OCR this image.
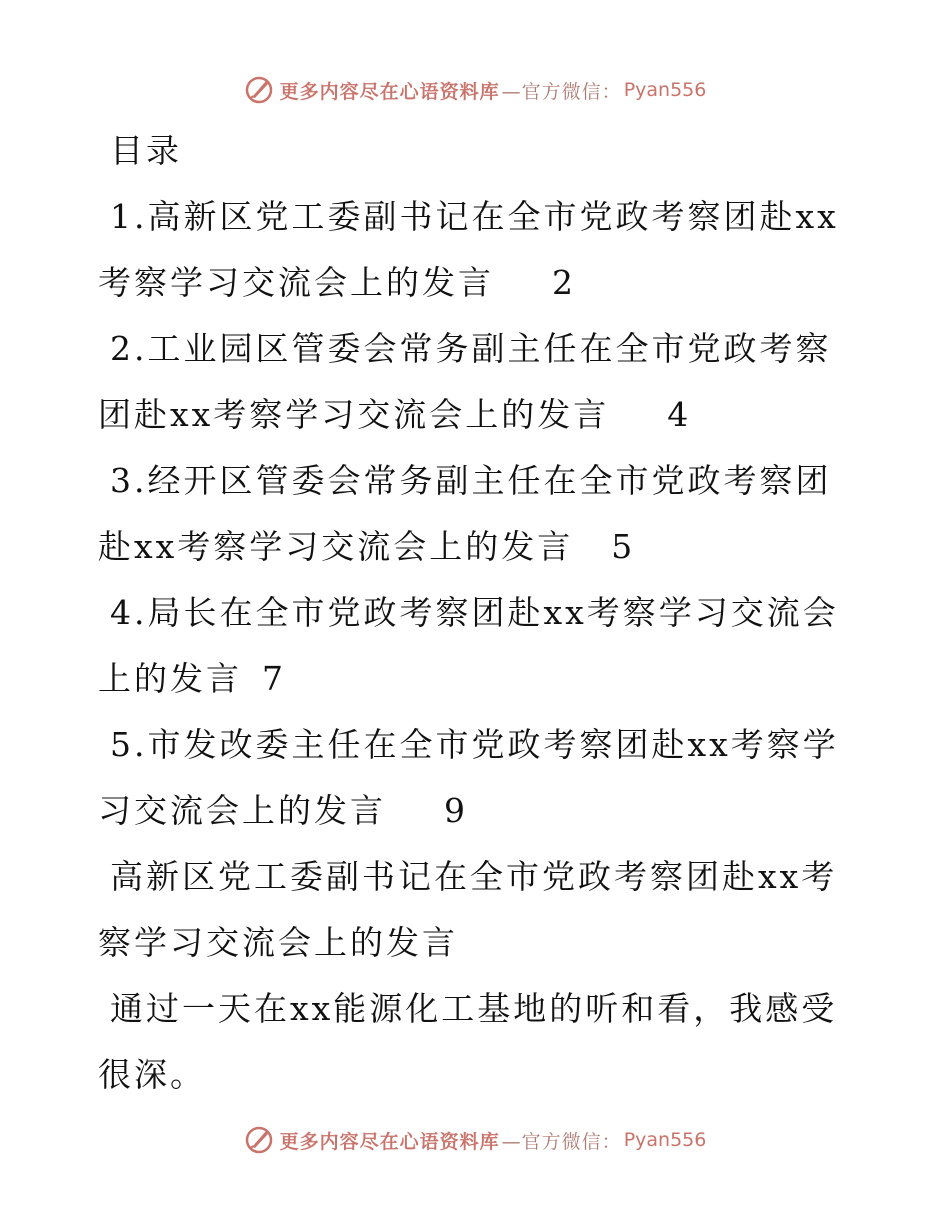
更多内容尽在心语资料库 —官方微信： Pyan556

目录

1.高新区党工委副书记在全市党政考察团赴xx考察学习交流会上的发言 2

2.工业园区管委会常务副主任在全市党政考察团赴xx考察学习交流会上的发言 4

3.经开区管委会常务副主任在全市党政考察团赴xx考察学习交流会上的发言 5

4.局长在全市党政考察团赴xx考察学习交流会上的发言 7

5.市发改委主任在全市党政考察团赴xx考察学习交流会上的发言 9

高新区党工委副书记在全市党政考察团赴xx考察学习交流会上的发言

通过一天在xx能源化工基地的听和看，我感受很深。

更多内容尽在心语资料库 —官方微信： Pyan556
